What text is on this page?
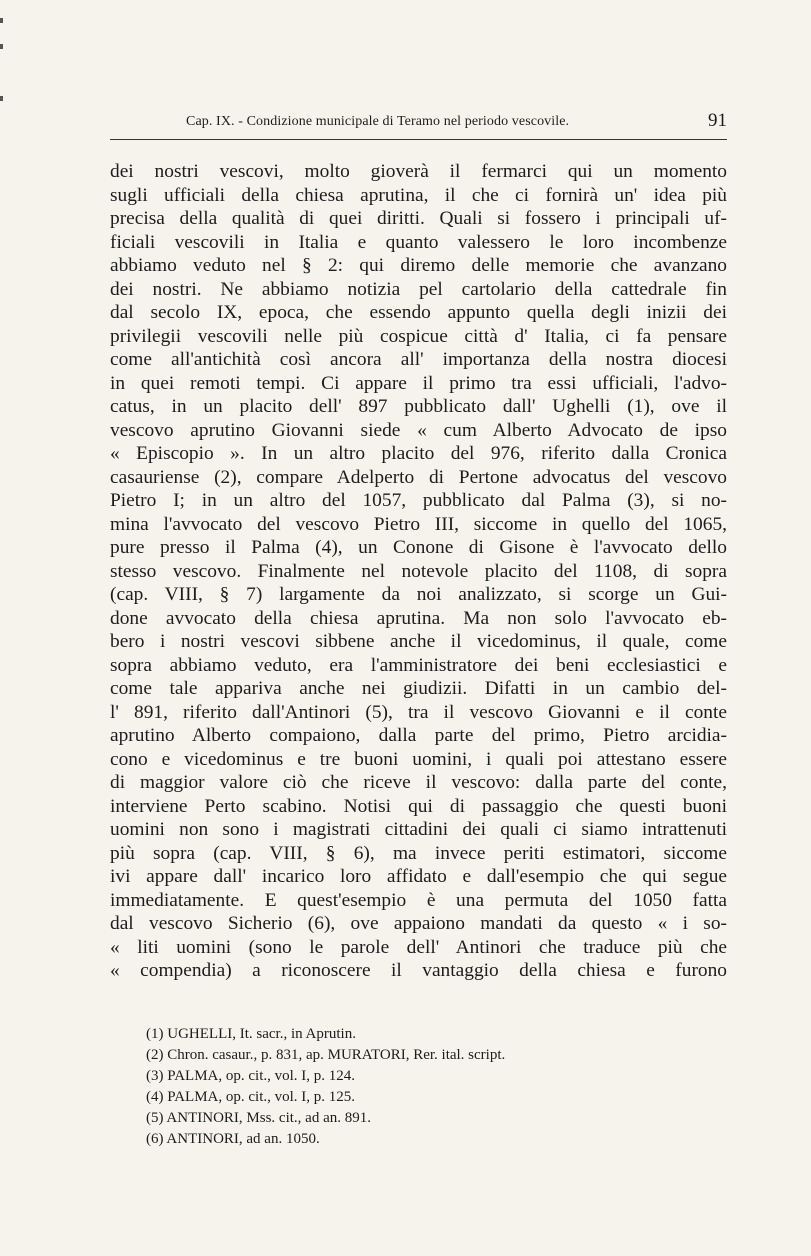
Cap. IX. - Condizione municipale di Teramo nel periodo vescovile.	91
dei nostri vescovi, molto gioverà il fermarci qui un momento
sugli ufficiali della chiesa aprutina, il che ci fornirà un' idea più
precisa della qualità di quei diritti. Quali si fossero i principali uf-
ficiali vescovili in Italia e quanto valessero le loro incombenze
abbiamo veduto nel § 2: qui diremo delle memorie che avanzano
dei nostri. Ne abbiamo notizia pel cartolario della cattedrale fin
dal secolo IX, epoca, che essendo appunto quella degli inizii dei
privilegii vescovili nelle più cospicue città d' Italia, ci fa pensare
come all'antichità così ancora all' importanza della nostra diocesi
in quei remoti tempi. Ci appare il primo tra essi ufficiali, l'advo-
catus, in un placito dell' 897 pubblicato dall' Ughelli (1), ove il
vescovo aprutino Giovanni siede « cum Alberto Advocato de ipso
« Episcopio ». In un altro placito del 976, riferito dalla Cronica
casauriense (2), compare Adelperto di Pertone advocatus del vescovo
Pietro I; in un altro del 1057, pubblicato dal Palma (3), si no-
mina l'avvocato del vescovo Pietro III, siccome in quello del 1065,
pure presso il Palma (4), un Conone di Gisone è l'avvocato dello
stesso vescovo. Finalmente nel notevole placito del 1108, di sopra
(cap. VIII, § 7) largamente da noi analizzato, si scorge un Gui-
done avvocato della chiesa aprutina. Ma non solo l'avvocato eb-
bero i nostri vescovi sibbene anche il vicedominus, il quale, come
sopra abbiamo veduto, era l'amministratore dei beni ecclesiastici e
come tale appariva anche nei giudizii. Difatti in un cambio del-
l' 891, riferito dall'Antinori (5), tra il vescovo Giovanni e il conte
aprutino Alberto compaiono, dalla parte del primo, Pietro arcidia-
cono e vicedominus e tre buoni uomini, i quali poi attestano essere
di maggior valore ciò che riceve il vescovo: dalla parte del conte,
interviene Perto scabino. Notisi qui di passaggio che questi buoni
uomini non sono i magistrati cittadini dei quali ci siamo intrattenuti
più sopra (cap. VIII, § 6), ma invece periti estimatori, siccome
ivi appare dall' incarico loro affidato e dall'esempio che qui segue
immediatamente. E quest'esempio è una permuta del 1050 fatta
dal vescovo Sicherio (6), ove appaiono mandati da questo « i so-
« liti uomini (sono le parole dell' Antinori che traduce più che
« compendia) a riconoscere il vantaggio della chiesa e furono
(1) UGHELLI, It. sacr., in Aprutin.
(2) Chron. casaur., p. 831, ap. MURATORI, Rer. ital. script.
(3) PALMA, op. cit., vol. I, p. 124.
(4) PALMA, op. cit., vol. I, p. 125.
(5) ANTINORI, Mss. cit., ad an. 891.
(6) ANTINORI, ad an. 1050.
